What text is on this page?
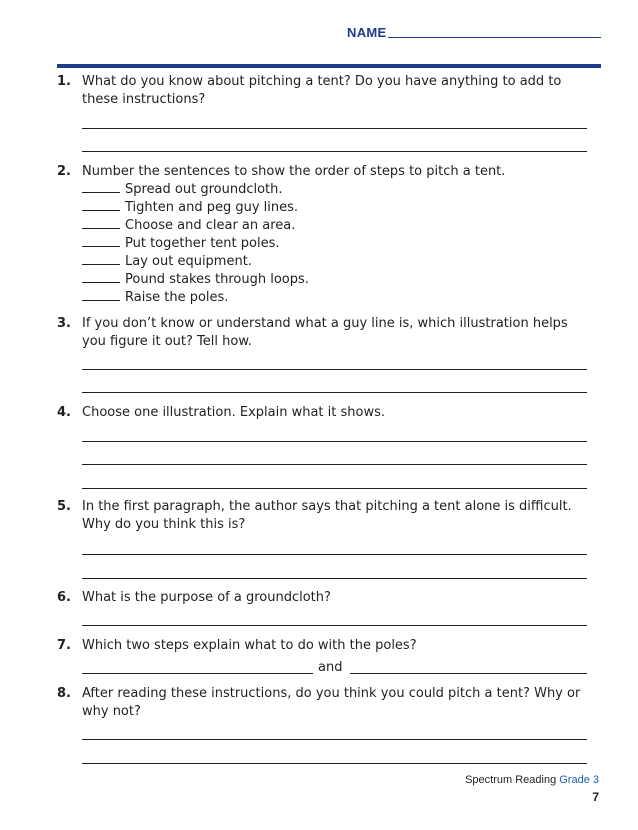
NAME
1. What do you know about pitching a tent? Do you have anything to add to these instructions?
2. Number the sentences to show the order of steps to pitch a tent.
Spread out groundcloth.
Tighten and peg guy lines.
Choose and clear an area.
Put together tent poles.
Lay out equipment.
Pound stakes through loops.
Raise the poles.
3. If you don’t know or understand what a guy line is, which illustration helps you figure it out? Tell how.
4. Choose one illustration. Explain what it shows.
5. In the first paragraph, the author says that pitching a tent alone is difficult. Why do you think this is?
6. What is the purpose of a groundcloth?
7. Which two steps explain what to do with the poles?
and
8. After reading these instructions, do you think you could pitch a tent? Why or why not?
Spectrum Reading Grade 3
7
